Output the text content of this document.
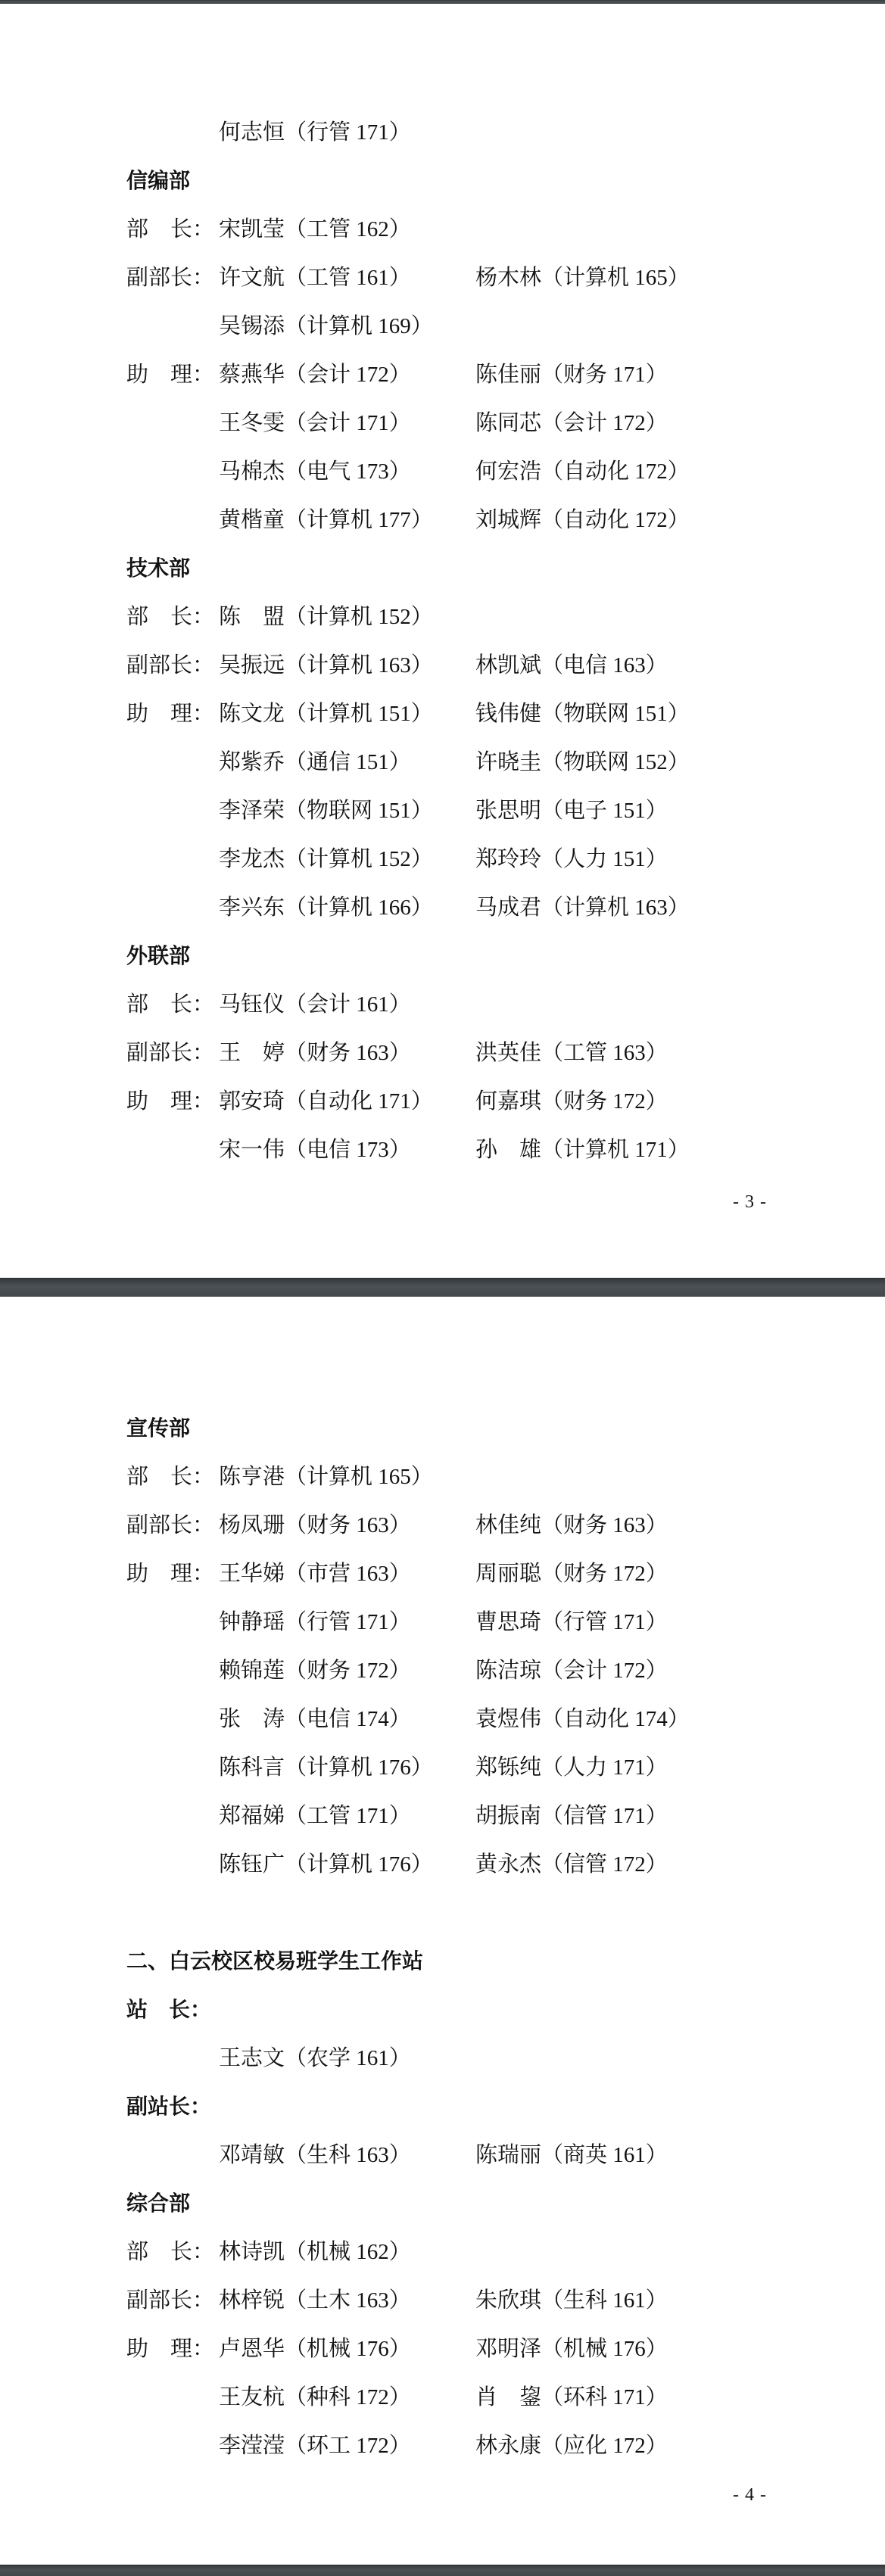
何志恒（行管 171）
信编部
部　长： 宋凯莹（工管 162）
副部长： 许文航（工管 161）	杨木林（计算机 165）
吴锡添（计算机 169）
助　理： 蔡燕华（会计 172）	陈佳丽（财务 171）
王冬雯（会计 171）	陈同芯（会计 172）
马棉杰（电气 173）	何宏浩（自动化 172）
黄楷童（计算机 177） 刘城辉（自动化 172）
技术部
部　长： 陈　盟（计算机 152）
副部长： 吴振远（计算机 163） 林凯斌（电信 163）
助　理： 陈文龙（计算机 151） 钱伟健（物联网 151）
郑紫乔（通信 151）	许晓圭（物联网 152）
李泽荣（物联网 151） 张思明（电子 151）
李龙杰（计算机 152） 郑玲玲（人力 151）
李兴东（计算机 166） 马成君（计算机 163）
外联部
部　长： 马钰仪（会计 161）
副部长： 王　婷（财务 163）	洪英佳（工管 163）
助　理： 郭安琦（自动化 171） 何嘉琪（财务 172）
宋一伟（电信 173）	孙　雄（计算机 171）
- 3 -
宣传部
部　长： 陈亨港（计算机 165）
副部长： 杨凤珊（财务 163）	林佳纯（财务 163）
助　理： 王华娣（市营 163）	周丽聪（财务 172）
钟静瑶（行管 171）	曹思琦（行管 171）
赖锦莲（财务 172）	陈洁琼（会计 172）
张　涛（电信 174）	袁煜伟（自动化 174）
陈科言（计算机 176） 郑铄纯（人力 171）
郑福娣（工管 171）	胡振南（信管 171）
陈钰广（计算机 176） 黄永杰（信管 172）
二、白云校区校易班学生工作站
站　长：
王志文（农学 161）
副站长：
邓靖敏（生科 163）	陈瑞丽（商英 161）
综合部
部　长： 林诗凯（机械 162）
副部长： 林梓锐（土木 163）	朱欣琪（生科 161）
助　理： 卢恩华（机械 176）	邓明泽（机械 176）
王友杭（种科 172）	肖　鋆（环科 171）
李滢滢（环工 172）	林永康（应化 172）
- 4 -
